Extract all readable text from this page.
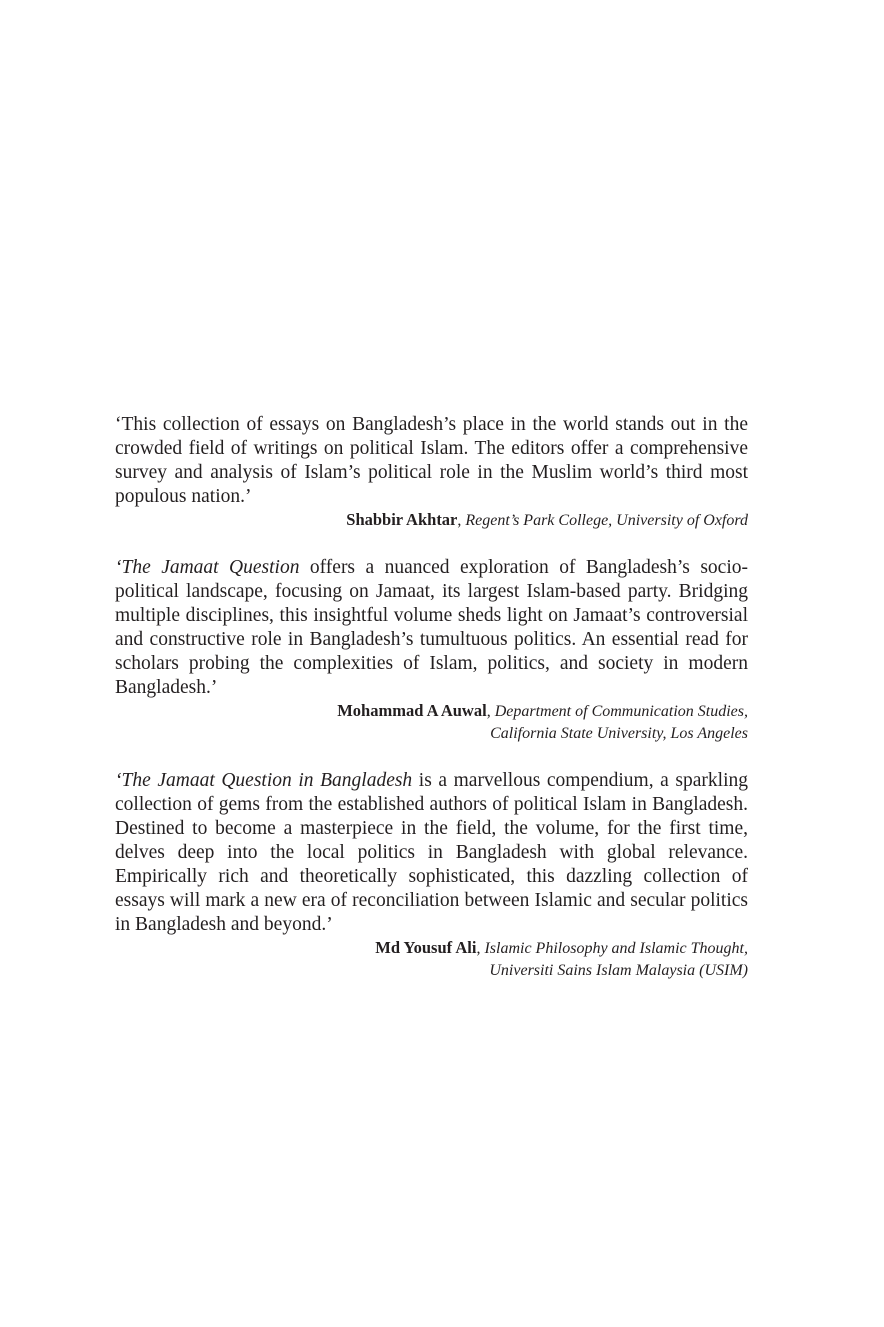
‘This collection of essays on Bangladesh’s place in the world stands out in the crowded field of writings on political Islam. The editors offer a comprehensive survey and analysis of Islam’s political role in the Muslim world’s third most populous nation.’

Shabbir Akhtar, Regent’s Park College, University of Oxford

‘The Jamaat Question offers a nuanced exploration of Bangladesh’s socio-political landscape, focusing on Jamaat, its largest Islam-based party. Bridging multiple disciplines, this insightful volume sheds light on Jamaat’s controversial and constructive role in Bangladesh’s tumultuous politics. An essential read for scholars probing the complexities of Islam, politics, and society in modern Bangladesh.’

Mohammad A Auwal, Department of Communication Studies,
California State University, Los Angeles

‘The Jamaat Question in Bangladesh is a marvellous compendium, a sparkling collection of gems from the established authors of political Islam in Bangladesh. Destined to become a masterpiece in the field, the volume, for the first time, delves deep into the local politics in Bangladesh with global relevance. Empirically rich and theoretically sophisticated, this dazzling collection of essays will mark a new era of reconciliation between Islamic and secular politics in Bangladesh and beyond.’

Md Yousuf Ali, Islamic Philosophy and Islamic Thought,
Universiti Sains Islam Malaysia (USIM)
